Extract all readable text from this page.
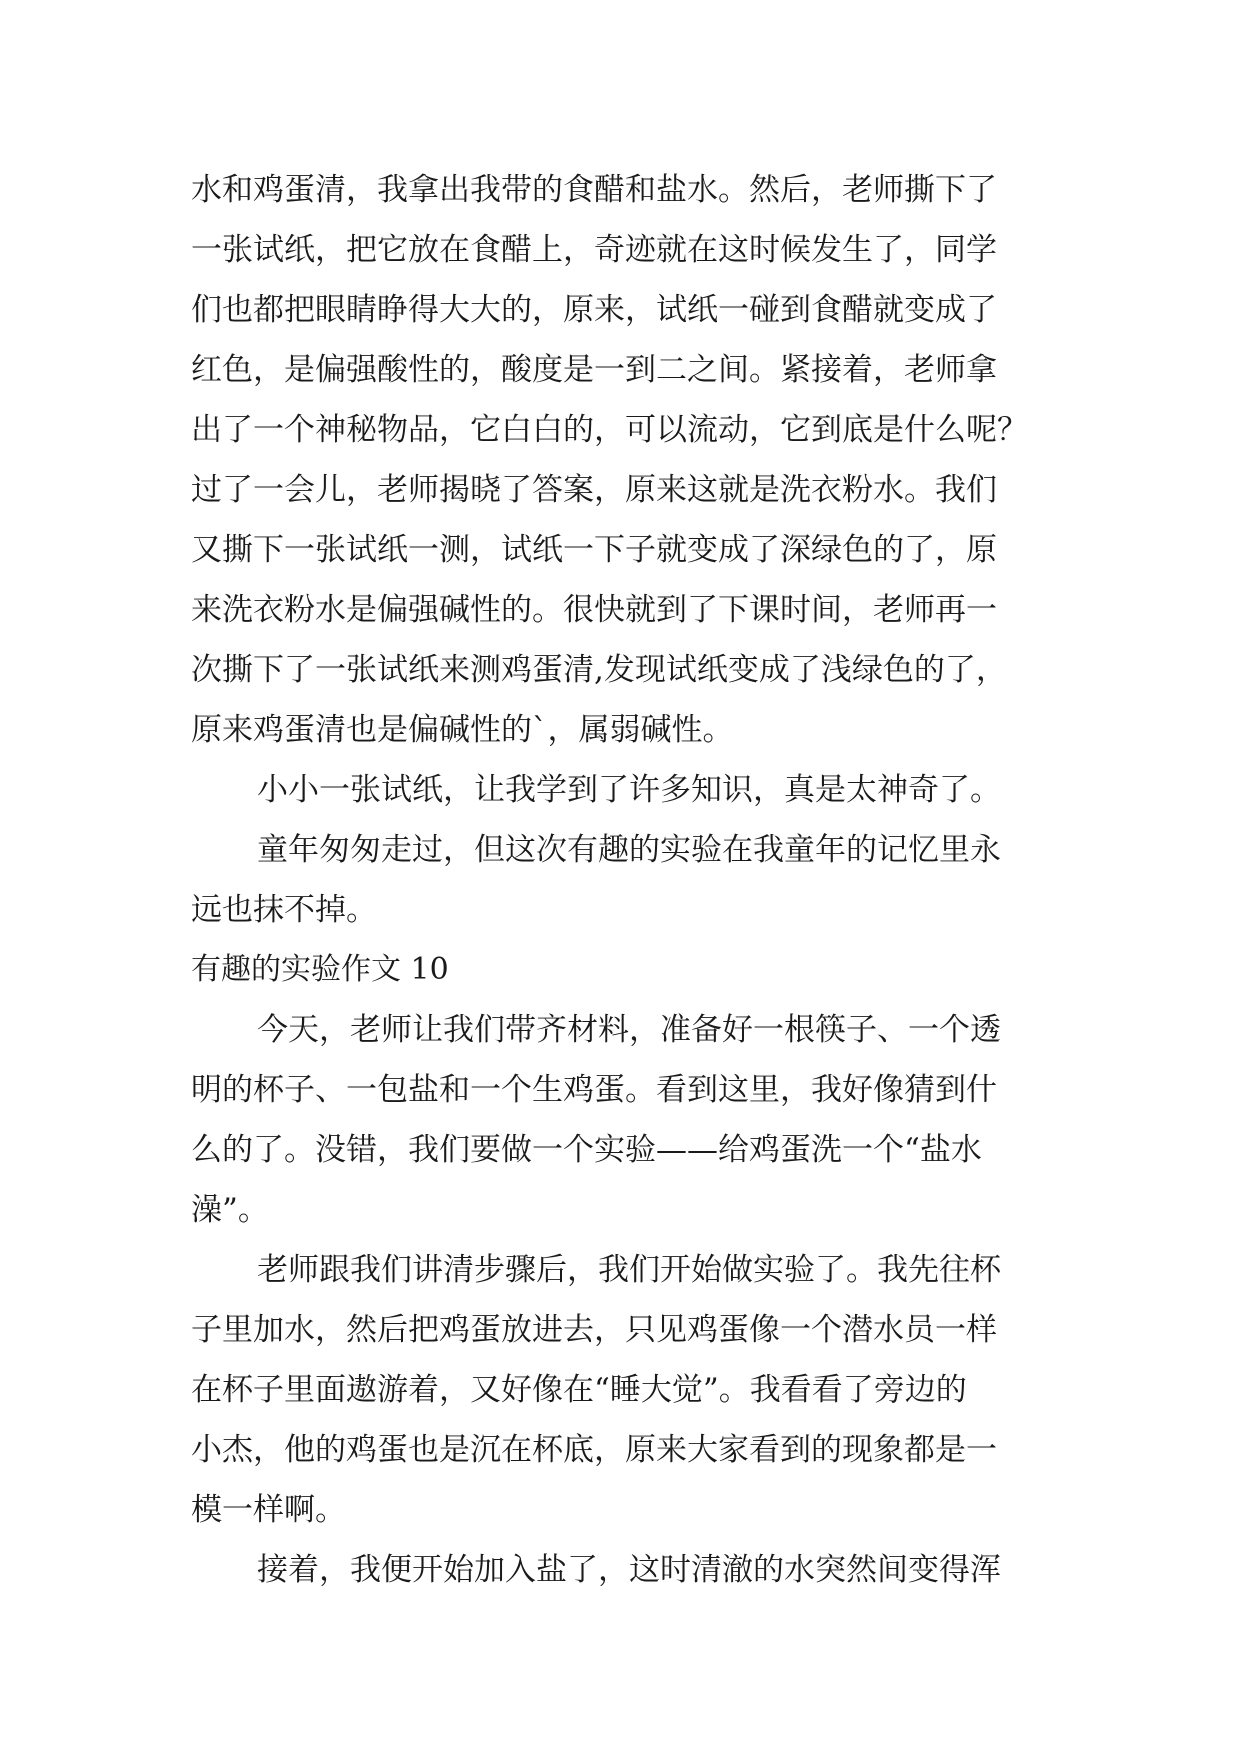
水和鸡蛋清，我拿出我带的食醋和盐水。然后，老师撕下了

一张试纸，把它放在食醋上，奇迹就在这时候发生了，同学

们也都把眼睛睁得大大的，原来，试纸一碰到食醋就变成了

红色，是偏强酸性的，酸度是一到二之间。紧接着，老师拿

出了一个神秘物品，它白白的，可以流动，它到底是什么呢？

过了一会儿，老师揭晓了答案，原来这就是洗衣粉水。我们

又撕下一张试纸一测，试纸一下子就变成了深绿色的了，原

来洗衣粉水是偏强碱性的。很快就到了下课时间，老师再一

次撕下了一张试纸来测鸡蛋清,发现试纸变成了浅绿色的了，

原来鸡蛋清也是偏碱性的`，属弱碱性。

小小一张试纸，让我学到了许多知识，真是太神奇了。

童年匆匆走过，但这次有趣的实验在我童年的记忆里永

远也抹不掉。

有趣的实验作文 10

今天，老师让我们带齐材料，准备好一根筷子、一个透

明的杯子、一包盐和一个生鸡蛋。看到这里，我好像猜到什

么的了。没错，我们要做一个实验——给鸡蛋洗一个“盐水

澡”。

老师跟我们讲清步骤后，我们开始做实验了。我先往杯

子里加水，然后把鸡蛋放进去，只见鸡蛋像一个潜水员一样

在杯子里面遨游着，又好像在“睡大觉”。我看看了旁边的

小杰，他的鸡蛋也是沉在杯底，原来大家看到的现象都是一

模一样啊。

接着，我便开始加入盐了，这时清澈的水突然间变得浑
